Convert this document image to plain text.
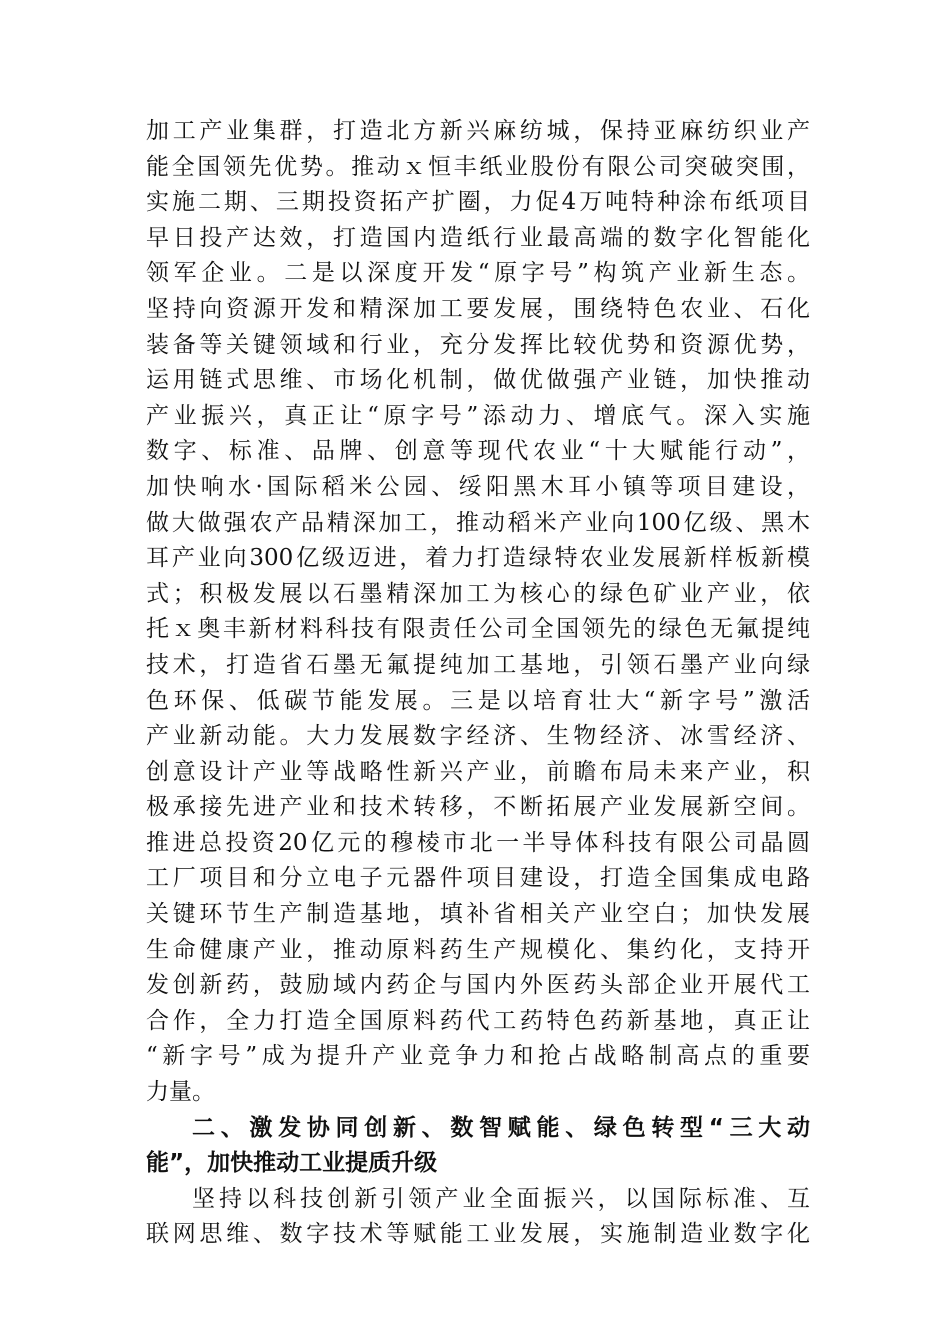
加工产业集群，打造北方新兴麻纺城，保持亚麻纺织业产
能全国领先优势。推动ｘ恒丰纸业股份有限公司突破突围，
实施二期、三期投资拓产扩圈，力促4万吨特种涂布纸项目
早日投产达效，打造国内造纸行业最高端的数字化智能化
领军企业。二是以深度开发“原字号”构筑产业新生态。
坚持向资源开发和精深加工要发展，围绕特色农业、石化
装备等关键领域和行业，充分发挥比较优势和资源优势，
运用链式思维、市场化机制，做优做强产业链，加快推动
产业振兴，真正让“原字号”添动力、增底气。深入实施
数字、标准、品牌、创意等现代农业“十大赋能行动”，
加快响水·国际稻米公园、绥阳黑木耳小镇等项目建设，
做大做强农产品精深加工，推动稻米产业向100亿级、黑木
耳产业向300亿级迈进，着力打造绿特农业发展新样板新模
式；积极发展以石墨精深加工为核心的绿色矿业产业，依
托ｘ奥丰新材料科技有限责任公司全国领先的绿色无氟提纯
技术，打造省石墨无氟提纯加工基地，引领石墨产业向绿
色环保、低碳节能发展。三是以培育壮大“新字号”激活
产业新动能。大力发展数字经济、生物经济、冰雪经济、
创意设计产业等战略性新兴产业，前瞻布局未来产业，积
极承接先进产业和技术转移，不断拓展产业发展新空间。
推进总投资20亿元的穆棱市北一半导体科技有限公司晶圆
工厂项目和分立电子元器件项目建设，打造全国集成电路
关键环节生产制造基地，填补省相关产业空白；加快发展
生命健康产业，推动原料药生产规模化、集约化，支持开
发创新药，鼓励域内药企与国内外医药头部企业开展代工
合作，全力打造全国原料药代工药特色药新基地，真正让
“新字号”成为提升产业竞争力和抢占战略制高点的重要
力量。
二、激发协同创新、数智赋能、绿色转型“三大动
能”，加快推动工业提质升级
坚持以科技创新引领产业全面振兴，以国际标准、互
联网思维、数字技术等赋能工业发展，实施制造业数字化
